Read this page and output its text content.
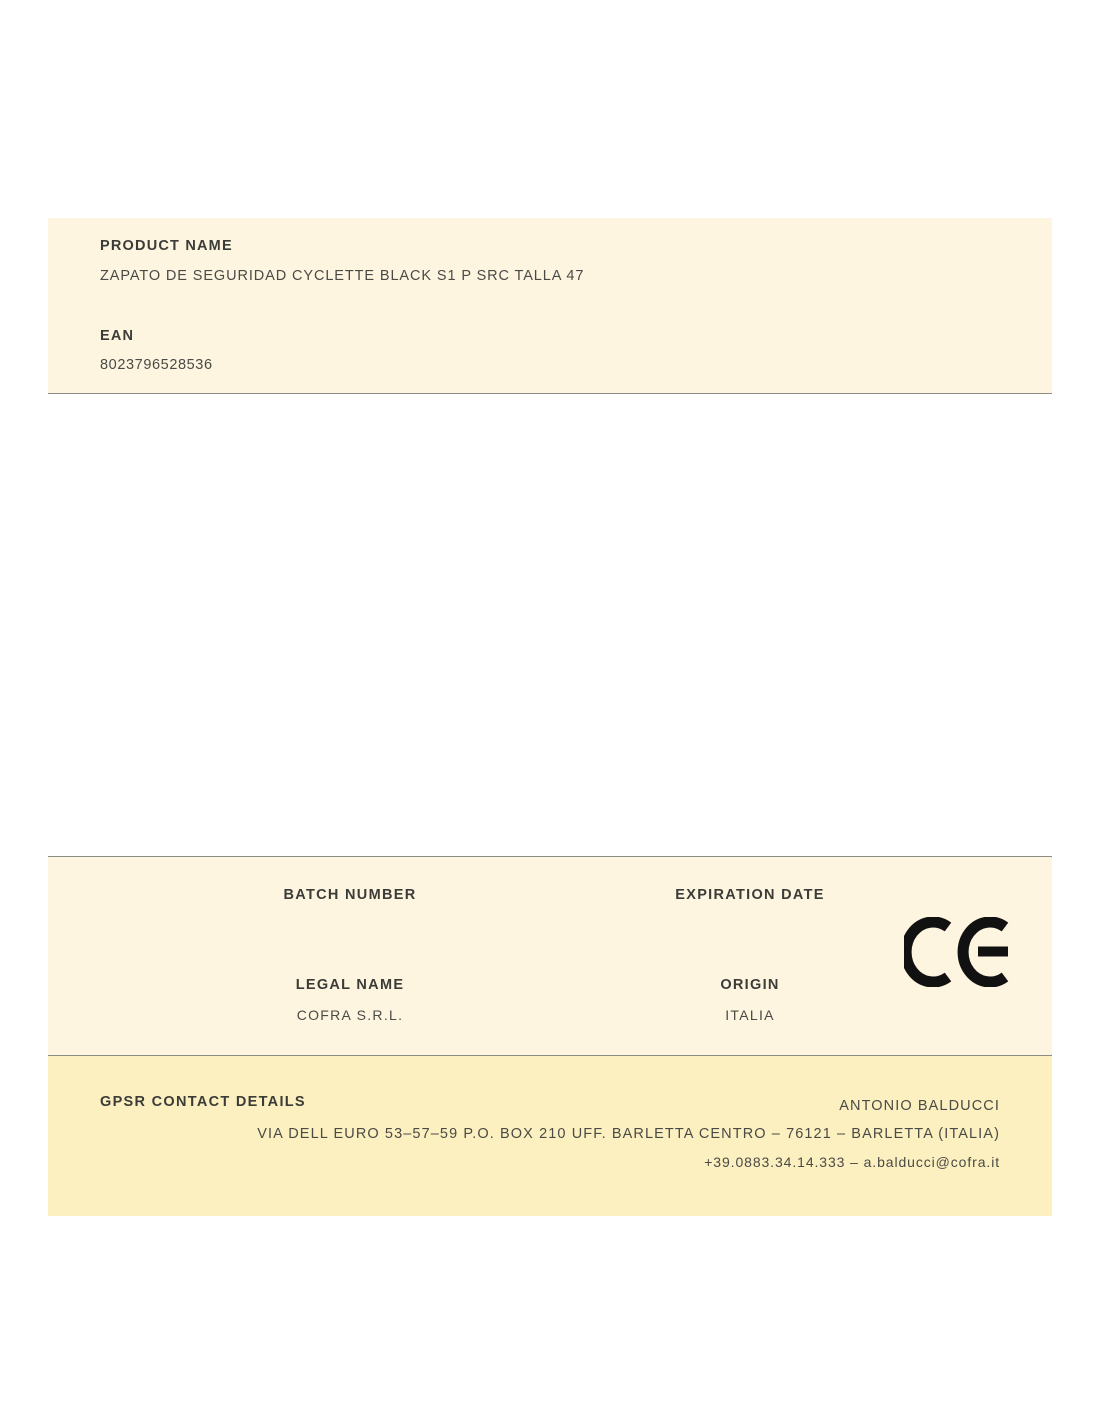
PRODUCT NAME
ZAPATO DE SEGURIDAD CYCLETTE BLACK S1 P SRC TALLA 47
EAN
8023796528536
BATCH NUMBER	EXPIRATION DATE
LEGAL NAME
COFRA S.R.L.
ORIGIN
ITALIA
GPSR CONTACT DETAILS	ANTONIO BALDUCCI
VIA DELL EURO 53–57–59 P.O. BOX 210 UFF. BARLETTA CENTRO – 76121 – BARLETTA (ITALIA)
+39.0883.34.14.333 – a.balducci@cofra.it
